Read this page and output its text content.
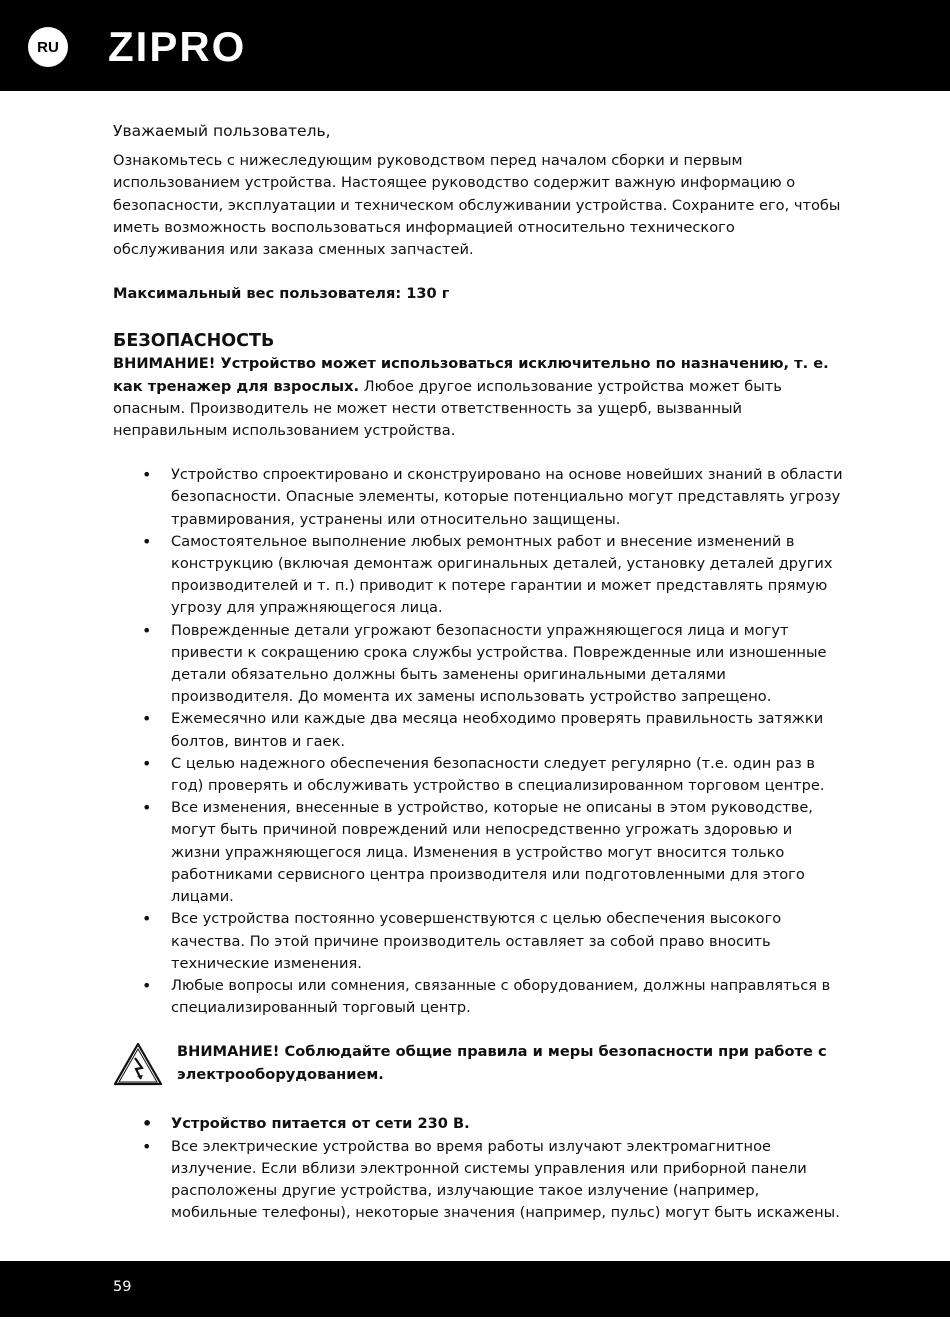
RU ZIPRO

Уважаемый пользователь,

Ознакомьтесь с нижеследующим руководством перед началом сборки и первым использованием устройства. Настоящее руководство содержит важную информацию о безопасности, эксплуатации и техническом обслуживании устройства. Сохраните его, чтобы иметь возможность воспользоваться информацией относительно технического обслуживания или заказа сменных запчастей.

Максимальный вес пользователя: 130 г

БЕЗОПАСНОСТЬ

ВНИМАНИЕ! Устройство может использоваться исключительно по назначению, т. е. как тренажер для взрослых. Любое другое использование устройства может быть опасным. Производитель не может нести ответственность за ущерб, вызванный неправильным использованием устройства.

• Устройство спроектировано и сконструировано на основе новейших знаний в области безопасности. Опасные элементы, которые потенциально могут представлять угрозу травмирования, устранены или относительно защищены.
• Самостоятельное выполнение любых ремонтных работ и внесение изменений в конструкцию (включая демонтаж оригинальных деталей, установку деталей других производителей и т. п.) приводит к потере гарантии и может представлять прямую угрозу для упражняющегося лица.
• Поврежденные детали угрожают безопасности упражняющегося лица и могут привести к сокращению срока службы устройства. Поврежденные или изношенные детали обязательно должны быть заменены оригинальными деталями производителя. До момента их замены использовать устройство запрещено.
• Ежемесячно или каждые два месяца необходимо проверять правильность затяжки болтов, винтов и гаек.
• С целью надежного обеспечения безопасности следует регулярно (т.е. один раз в год) проверять и обслуживать устройство в специализированном торговом центре.
• Все изменения, внесенные в устройство, которые не описаны в этом руководстве, могут быть причиной повреждений или непосредственно угрожать здоровью и жизни упражняющегося лица. Изменения в устройство могут вносится только работниками сервисного центра производителя или подготовленными для этого лицами.
• Все устройства постоянно усовершенствуются с целью обеспечения высокого качества. По этой причине производитель оставляет за собой право вносить технические изменения.
• Любые вопросы или сомнения, связанные с оборудованием, должны направляться в специализированный торговый центр.

ВНИМАНИЕ! Соблюдайте общие правила и меры безопасности при работе с электрооборудованием.

• Устройство питается от сети 230 В.
• Все электрические устройства во время работы излучают электромагнитное излучение. Если вблизи электронной системы управления или приборной панели расположены другие устройства, излучающие такое излучение (например, мобильные телефоны), некоторые значения (например, пульс) могут быть искажены.
59
